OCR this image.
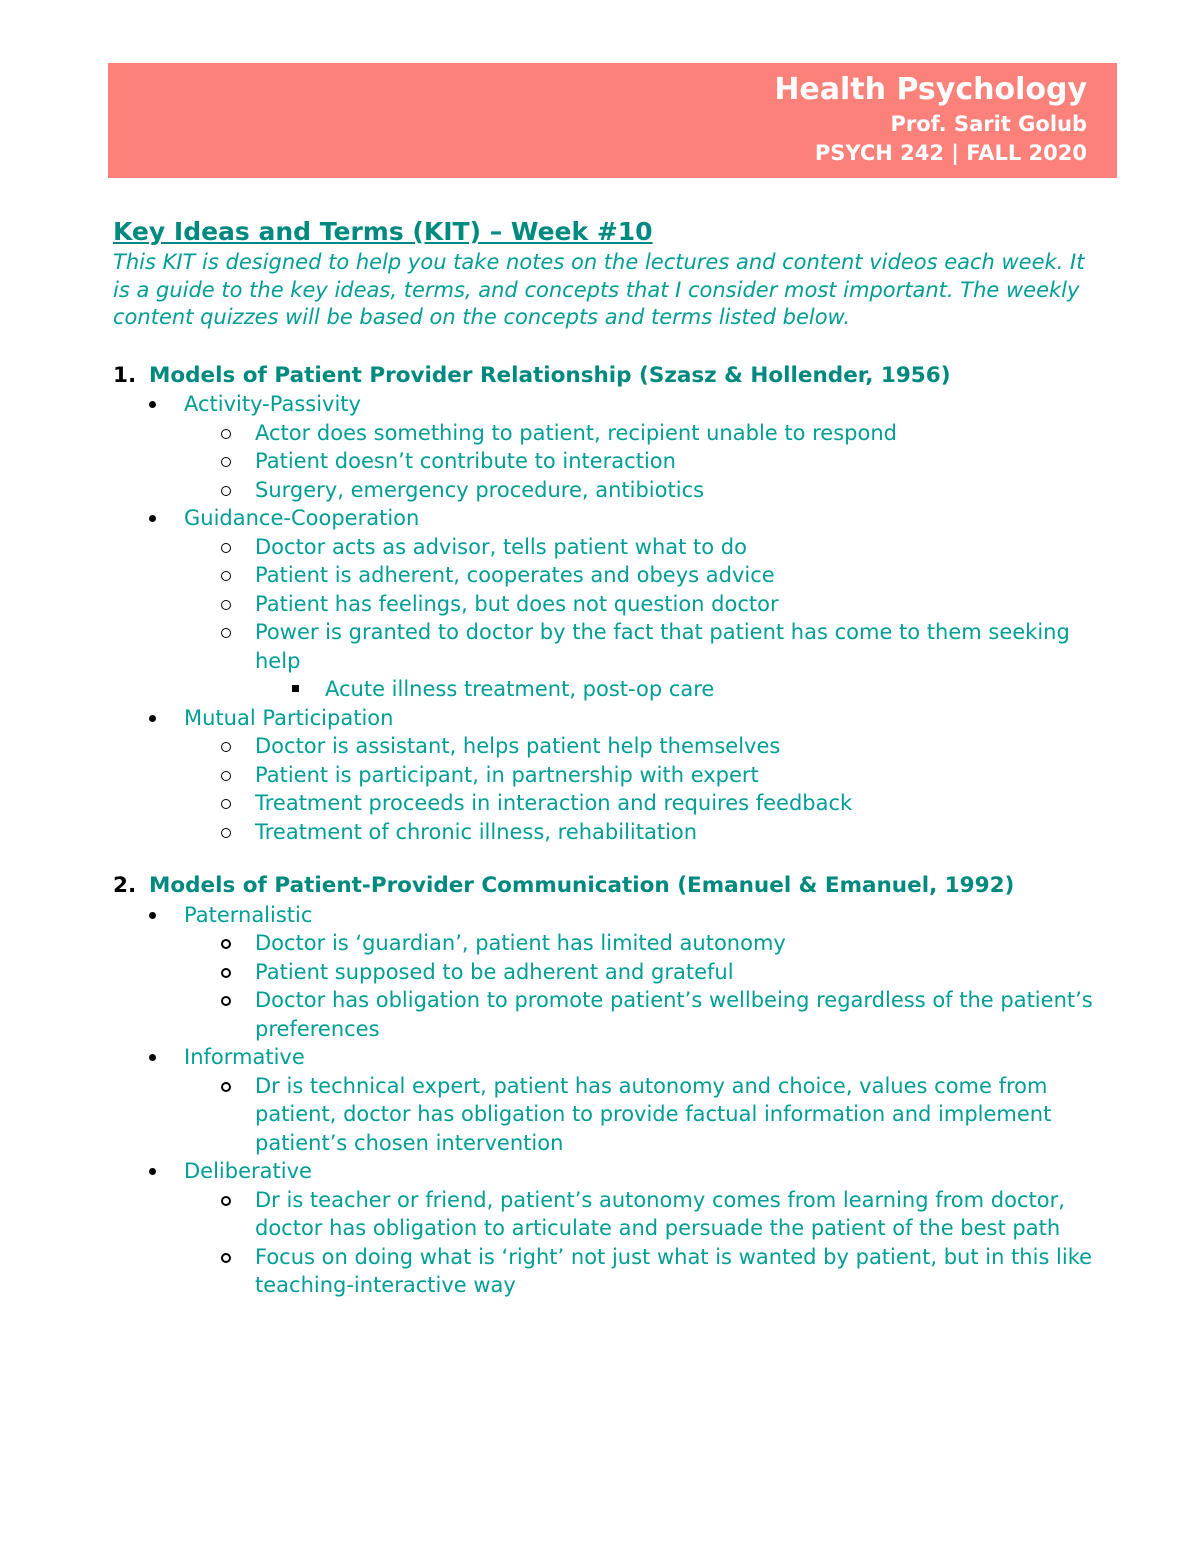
Health Psychology
Prof. Sarit Golub
PSYCH 242 | FALL 2020
Key Ideas and Terms (KIT) – Week #10

This KIT is designed to help you take notes on the lectures and content videos each week. It is a guide to the key ideas, terms, and concepts that I consider most important. The weekly content quizzes will be based on the concepts and terms listed below.

1. Models of Patient Provider Relationship (Szasz & Hollender, 1956)
Activity-Passivity
Actor does something to patient, recipient unable to respond
Patient doesn’t contribute to interaction
Surgery, emergency procedure, antibiotics
Guidance-Cooperation
Doctor acts as advisor, tells patient what to do
Patient is adherent, cooperates and obeys advice
Patient has feelings, but does not question doctor
Power is granted to doctor by the fact that patient has come to them seeking help
Acute illness treatment, post-op care
Mutual Participation
Doctor is assistant, helps patient help themselves
Patient is participant, in partnership with expert
Treatment proceeds in interaction and requires feedback
Treatment of chronic illness, rehabilitation
2. Models of Patient-Provider Communication (Emanuel & Emanuel, 1992)
Paternalistic
Doctor is ‘guardian’, patient has limited autonomy
Patient supposed to be adherent and grateful
Doctor has obligation to promote patient’s wellbeing regardless of the patient’s preferences
Informative
Dr is technical expert, patient has autonomy and choice, values come from patient, doctor has obligation to provide factual information and implement patient’s chosen intervention
Deliberative
Dr is teacher or friend, patient’s autonomy comes from learning from doctor, doctor has obligation to articulate and persuade the patient of the best path
Focus on doing what is ‘right’ not just what is wanted by patient, but in this like teaching-interactive way
